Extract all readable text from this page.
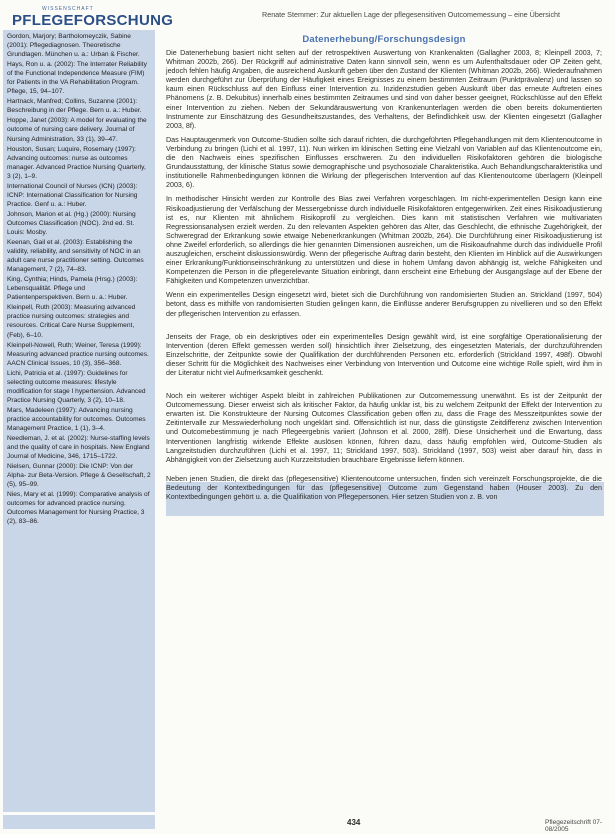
WISSENSCHAFT
PFLEGEFORSCHUNG	Renate Stemmer: Zur aktuellen Lage der pflegesensitiven Outcomemessung – eine Übersicht

Gordon, Marjory; Bartholomeyczik, Sabine (2001): Pflegediagnosen. Theoretische Grundlagen. München u. a.: Urban & Fischer.

Hays, Ron u. a. (2002): The Interrater Reliability of the Functional Independence Measure (FIM) for Patients in the VA Rehabilitation Program. Pflege, 15, 94–107.

Hartnack, Manfred; Collins, Suzanne (2001): Beschreibung in der Pflege. Bern u. a.: Huber.

Hoppe, Janet (2003): A model for evaluating the outcome of nursing care delivery. Journal of Nursing Administration, 33 (1), 39–47.

Houston, Susan; Luquire, Rosemary (1997): Advancing outcomes: nurse as outcomes manager. Advanced Practice Nursing Quarterly, 3 (2), 1–9.

International Council of Nurses (ICN) (2003): ICNP: International Classification for Nursing Practice. Genf u. a.: Huber.

Johnson, Marion et al. (Hg.) (2000): Nursing Outcomes Classification (NOC). 2nd ed. St. Louis: Mosby.

Keenan, Gail et al. (2003): Establishing the validity, reliability, and sensitivity of NOC in an adult care nurse practitioner setting. Outcomes Management, 7 (2), 74–83.

King, Cynthia; Hinds, Pamela (Hrsg.) (2003): Lebensqualität. Pflege und Patientenperspektiven. Bern u. a.: Huber.

Kleinpell, Ruth (2003): Measuring advanced practice nursing outcomes: strategies and resources. Critical Care Nurse Supplement, (Feb), 6–10.

Kleinpell-Nowell, Ruth; Weiner, Teresa (1999): Measuring advanced practice nursing outcomes. AACN Clinical Issues, 10 (3), 356–368.

Lichi, Patricia et al. (1997): Guidelines for selecting outcome measures: lifestyle modification for stage I hypertension. Advanced Practice Nursing Quarterly, 3 (2), 10–18.

Mars, Madeleen (1997): Advancing nursing practice accountability for outcomes. Outcomes Management Practice, 1 (1), 3–4.

Needleman, J. et al. (2002): Nurse-staffing levels and the quality of care in hospitals. New England Journal of Medicine, 346, 1715–1722.

Nielsen, Gunnar (2000): Die ICNP: Von der Alpha- zur Beta-Version. Pflege & Gesellschaft, 2 (5), 95–99.

Nies, Mary et al. (1999): Comparative analysis of outcomes for advanced practice nursing. Outcomes Management for Nursing Practice, 3 (2), 83–86.

Datenerhebung/Forschungsdesign

Die Datenerhebung basiert nicht selten auf der retrospektiven Auswertung von Krankenakten (Gallagher 2003, 8; Kleinpell 2003, 7; Whitman 2002b, 266). Der Rückgriff auf administrative Daten kann sinnvoll sein, wenn es um Aufenthaltsdauer oder OP Zeiten geht, jedoch fehlen häufig Angaben, die ausreichend Auskunft geben über den Zustand der Klienten (Whitman 2002b, 266). Wiederaufnahmen werden durchgeführt zur Überprüfung der Häufigkeit eines Ereignisses zu einem bestimmten Zeitraum (Punktprävalenz) und lassen so kaum einen Rückschluss auf den Einfluss einer Intervention zu. Inzidenzstudien geben Auskunft über das erneute Auftreten eines Phänomens (z. B. Dekubitus) innerhalb eines bestimmten Zeitraumes und sind von daher besser geeignet, Rückschlüsse auf den Effekt einer Intervention zu ziehen. Neben der Sekundärauswertung von Krankenunterlagen werden die oben bereits dokumentierten Instrumente zur Einschätzung des Gesundheitszustandes, des Verhaltens, der Befindlichkeit usw. der Klienten eingesetzt (Gallagher 2003, 8f).

Das Hauptaugenmerk von Outcome-Studien sollte sich darauf richten, die durchgeführten Pflegehandlungen mit dem Klientenoutcome in Verbindung zu bringen (Lichi et al. 1997, 11). Nun wirken im klinischen Setting eine Vielzahl von Variablen auf das Klientenoutcome ein, die den Nachweis eines spezifischen Einflusses erschweren. Zu den individuellen Risikofaktoren gehören die biologische Grundausstattung, der klinische Status sowie demographische und psychosoziale Charakteristika. Auch Behandlungscharakteristika und institutionelle Rahmenbedingungen können die Wirkung der pflegerischen Intervention auf das Klientenoutcome überlagern (Kleinpell 2003, 6).

In methodischer Hinsicht werden zur Kontrolle des Bias zwei Verfahren vorgeschlagen. Im nicht-experimentellen Design kann eine Risikoadjustierung der Verfälschung der Messergebnisse durch individuelle Risikofaktoren entgegenwirken. Zeit eines Risikoadjustierung ist es, nur Klienten mit ähnlichem Risikoprofil zu vergleichen. Dies kann mit statistischen Verfahren wie multivariaten Regressionsanalysen erzielt werden. Zu den relevanten Aspekten gehören das Alter, das Geschlecht, die ethnische Zugehörigkeit, der Schweregrad der Erkrankung sowie etwaige Nebenerkrankungen (Whitman 2002b, 264). Die Durchführung einer Risikoadjustierung ist ohne Zweifel erforderlich, so allerdings die hier genannten Dimensionen ausreichen, um die Risikoaufnahme durch das individuelle Profil auszugleichen, erscheint diskussionswürdig. Wenn der pflegerische Auftrag darin besteht, den Klienten im Hinblick auf die Auswirkungen einer Erkrankung/Funktionseinschränkung zu unterstützen und diese in hohem Umfang davon abhängig ist, welche Fähigkeiten und Kompetenzen die Person in die pflegerelevante Situation einbringt, dann erscheint eine Erhebung der Ausgangslage auf der Ebene der Fähigkeiten und Kompetenzen unverzichtbar.

Wenn ein experimentelles Design eingesetzt wird, bietet sich die Durchführung von randomisierten Studien an. Strickland (1997, 504) betont, dass es mithilfe von randomisierten Studien gelingen kann, die Einflüsse anderer Berufsgruppen zu nivellieren und so den Effekt der pflegerischen Intervention zu erfassen.

Jenseits der Frage, ob ein deskriptives oder ein experimentelles Design gewählt wird, ist eine sorgfältige Operationalisierung der Intervention (deren Effekt gemessen werden soll) hinsichtlich ihrer Zielsetzung, des eingesetzten Materials, der durchzuführenden Einzelschritte, der Zeitpunkte sowie der Qualifikation der durchführenden Personen etc. erforderlich (Strickland 1997, 498f). Obwohl dieser Schritt für die Möglichkeit des Nachweises einer Verbindung von Intervention und Outcome eine wichtige Rolle spielt, wird ihm in der Literatur nicht viel Aufmerksamkeit geschenkt.

Noch ein weiterer wichtiger Aspekt bleibt in zahlreichen Publikationen zur Outcomemessung unerwähnt. Es ist der Zeitpunkt der Outcomemessung. Dieser erweist sich als kritischer Faktor, da häufig unklar ist, bis zu welchem Zeitpunkt der Effekt der Intervention zu erwarten ist. Die Konstrukteure der Nursing Outcomes Classification geben offen zu, dass die Frage des Messzeitpunktes sowie der Zeitintervalle zur Messwiederholung noch ungeklärt sind. Offensichtlich ist nur, dass die günstigste Zeitdifferenz zwischen Intervention und Outcomebestimmung je nach Pflegeergebnis variiert (Johnson et al. 2000, 28ff). Diese Unsicherheit und die Erwartung, dass Interventionen langfristig wirkende Effekte auslösen können, führen dazu, dass häufig empfohlen wird, Outcome-Studien als Langzeitstudien durchzuführen (Lichi et al. 1997, 11; Strickland 1997, 503). Strickland (1997, 503) weist aber darauf hin, dass in Abhängigkeit von der Zielsetzung auch Kurzzeitstudien brauchbare Ergebnisse liefern können.

Neben jenen Studien, die direkt das (pflegesensitive) Klientenoutcome untersuchen, finden sich vereinzelt Forschungsprojekte, die die Bedeutung der Kontextbedingungen für das (pflegesensitive) Outcome zum Gegenstand haben (Houser 2003). Zu den Kontextbedingungen gehört u. a. die Qualifikation von Pflegepersonen. Hier setzen Studien von z. B. von

434	Pflegezeitschrift 07-08/2005
